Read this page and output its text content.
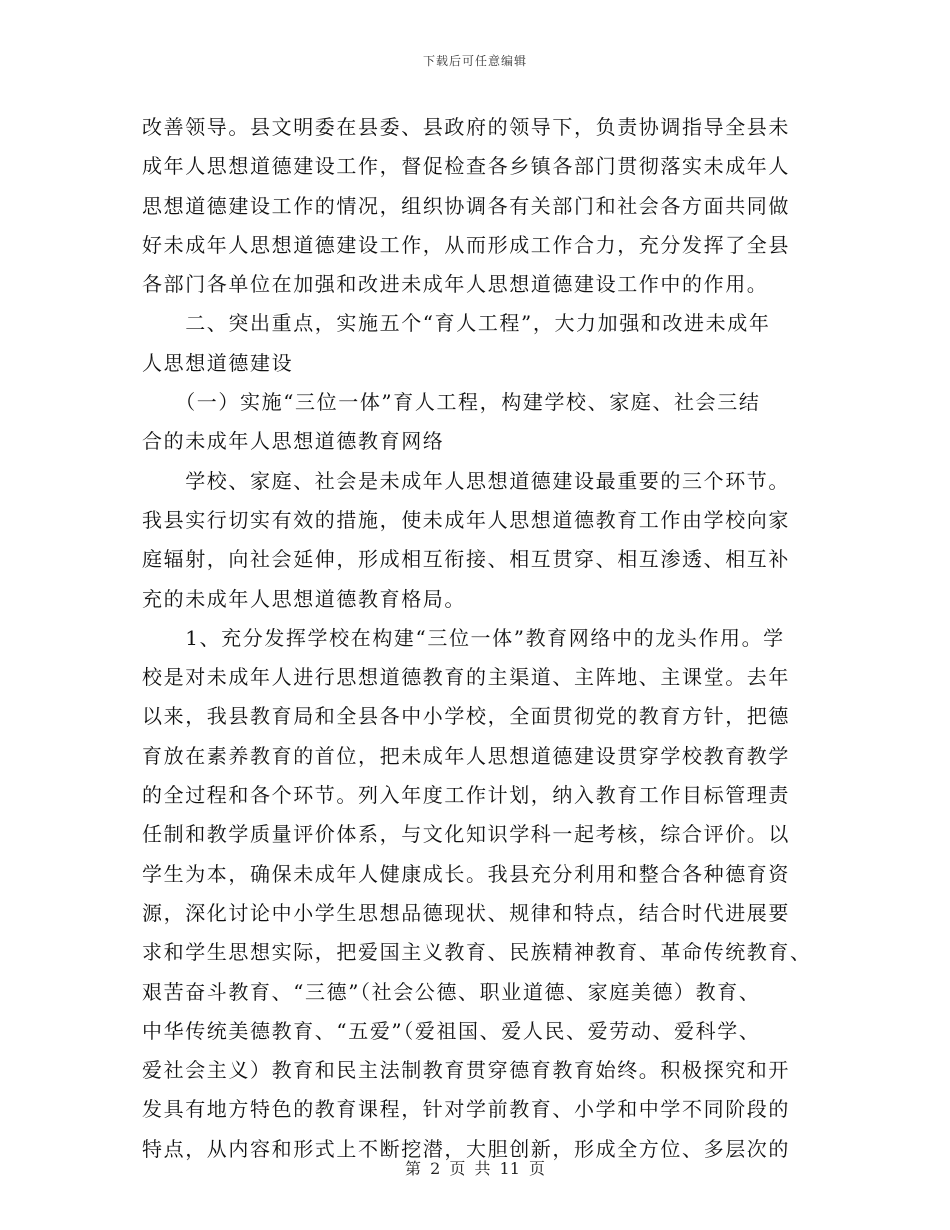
下载后可任意编辑
改善领导。县文明委在县委、县政府的领导下，负责协调指导全县未
成年人思想道德建设工作，督促检查各乡镇各部门贯彻落实未成年人
思想道德建设工作的情况，组织协调各有关部门和社会各方面共同做
好未成年人思想道德建设工作，从而形成工作合力，充分发挥了全县
各部门各单位在加强和改进未成年人思想道德建设工作中的作用。
　　二、突出重点，实施五个“育人工程”，大力加强和改进未成年
人思想道德建设
　　（一）实施“三位一体”育人工程，构建学校、家庭、社会三结
合的未成年人思想道德教育网络
　　学校、家庭、社会是未成年人思想道德建设最重要的三个环节。
我县实行切实有效的措施，使未成年人思想道德教育工作由学校向家
庭辐射，向社会延伸，形成相互衔接、相互贯穿、相互渗透、相互补
充的未成年人思想道德教育格局。
　　1、充分发挥学校在构建“三位一体”教育网络中的龙头作用。学
校是对未成年人进行思想道德教育的主渠道、主阵地、主课堂。去年
以来，我县教育局和全县各中小学校，全面贯彻党的教育方针，把德
育放在素养教育的首位，把未成年人思想道德建设贯穿学校教育教学
的全过程和各个环节。列入年度工作计划，纳入教育工作目标管理责
任制和教学质量评价体系，与文化知识学科一起考核，综合评价。以
学生为本，确保未成年人健康成长。我县充分利用和整合各种德育资
源，深化讨论中小学生思想品德现状、规律和特点，结合时代进展要
求和学生思想实际，把爱国主义教育、民族精神教育、革命传统教育、
艰苦奋斗教育、“三德”（社会公德、职业道德、家庭美德）教育、
中华传统美德教育、“五爱”（爱祖国、爱人民、爱劳动、爱科学、
爱社会主义）教育和民主法制教育贯穿德育教育始终。积极探究和开
发具有地方特色的教育课程，针对学前教育、小学和中学不同阶段的
特点，从内容和形式上不断挖潜，大胆创新，形成全方位、多层次的
第 2 页 共 11 页
